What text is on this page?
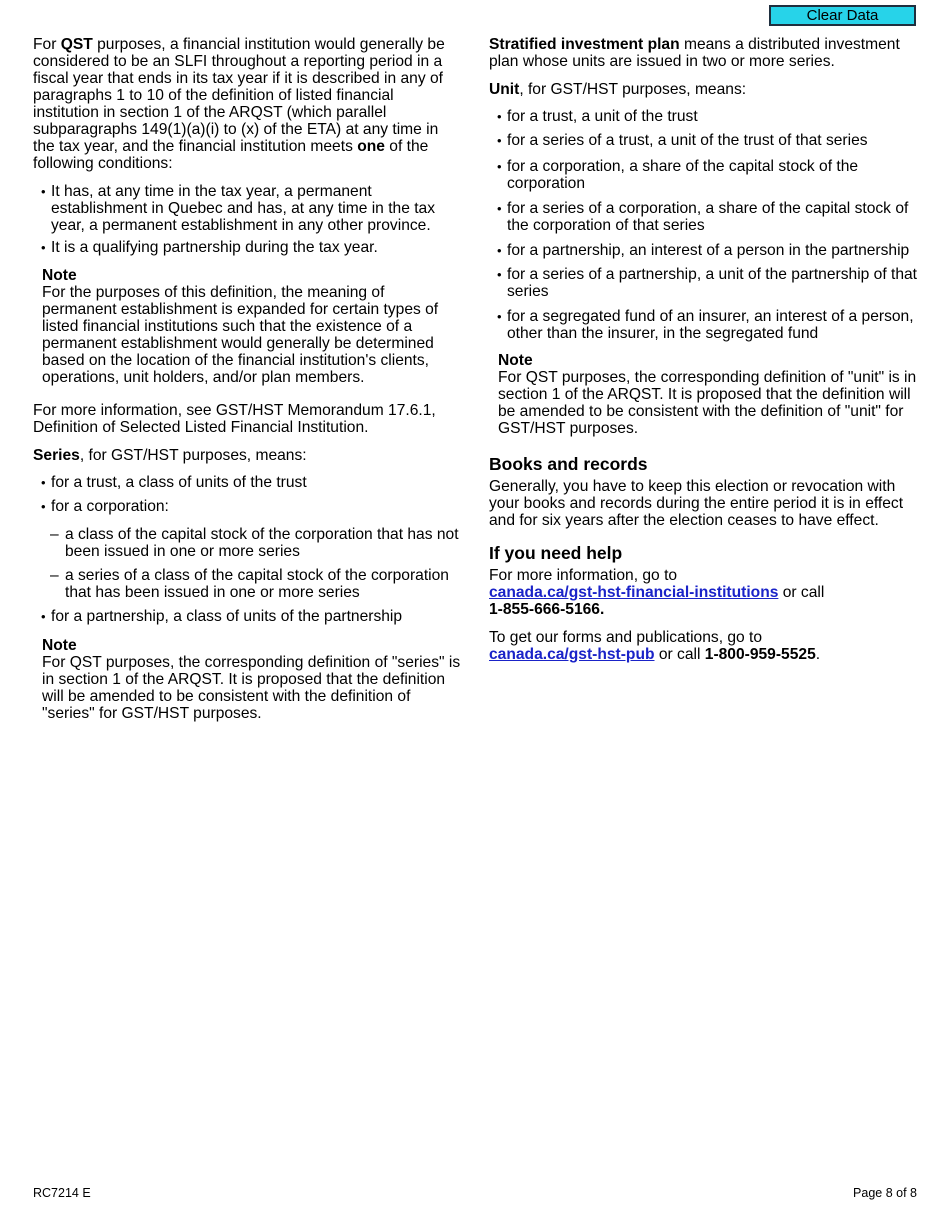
Clear Data

For QST purposes, a financial institution would generally be considered to be an SLFI throughout a reporting period in a fiscal year that ends in its tax year if it is described in any of paragraphs 1 to 10 of the definition of listed financial institution in section 1 of the ARQST (which parallel subparagraphs 149(1)(a)(i) to (x) of the ETA) at any time in the tax year, and the financial institution meets one of the following conditions:

• It has, at any time in the tax year, a permanent establishment in Quebec and has, at any time in the tax year, a permanent establishment in any other province.
• It is a qualifying partnership during the tax year.
Note
For the purposes of this definition, the meaning of permanent establishment is expanded for certain types of listed financial institutions such that the existence of a permanent establishment would generally be determined based on the location of the financial institution's clients, operations, unit holders, and/or plan members.

For more information, see GST/HST Memorandum 17.6.1, Definition of Selected Listed Financial Institution.

Series, for GST/HST purposes, means:

• for a trust, a class of units of the trust
• for a corporation:
– a class of the capital stock of the corporation that has not been issued in one or more series
– a series of a class of the capital stock of the corporation that has been issued in one or more series
• for a partnership, a class of units of the partnership
Note
For QST purposes, the corresponding definition of "series" is in section 1 of the ARQST. It is proposed that the definition will be amended to be consistent with the definition of "series" for GST/HST purposes.

Stratified investment plan means a distributed investment plan whose units are issued in two or more series.

Unit, for GST/HST purposes, means:

• for a trust, a unit of the trust
• for a series of a trust, a unit of the trust of that series
• for a corporation, a share of the capital stock of the corporation
• for a series of a corporation, a share of the capital stock of the corporation of that series
• for a partnership, an interest of a person in the partnership
• for a series of a partnership, a unit of the partnership of that series
• for a segregated fund of an insurer, an interest of a person, other than the insurer, in the segregated fund
Note
For QST purposes, the corresponding definition of "unit" is in section 1 of the ARQST. It is proposed that the definition will be amended to be consistent with the definition of "unit" for GST/HST purposes.
Books and records

Generally, you have to keep this election or revocation with your books and records during the entire period it is in effect and for six years after the election ceases to have effect.

If you need help

For more information, go to
canada.ca/gst-hst-financial-institutions or call
1-855-666-5166.

To get our forms and publications, go to
canada.ca/gst-hst-pub or call 1-800-959-5525.

RC7214 E	Page 8 of 8
